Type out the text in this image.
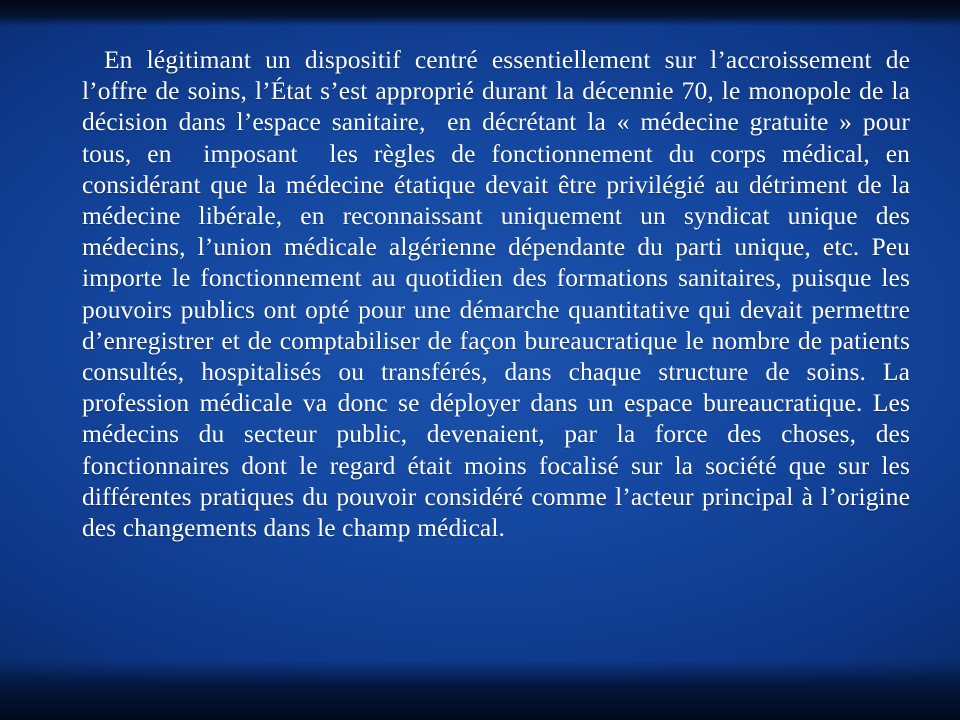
En légitimant un dispositif centré essentiellement sur l’accroissement de l’offre de soins, l’État s’est approprié durant la décennie 70, le monopole de la décision dans l’espace sanitaire,  en décrétant la « médecine gratuite » pour tous, en  imposant  les règles de fonctionnement du corps médical, en considérant que la médecine étatique devait être privilégié au détriment de la médecine libérale, en reconnaissant uniquement un syndicat unique des médecins, l’union médicale algérienne dépendante du parti unique, etc. Peu importe le fonctionnement au quotidien des formations sanitaires, puisque les pouvoirs publics ont opté pour une démarche quantitative qui devait permettre d’enregistrer et de comptabiliser de façon bureaucratique le nombre de patients consultés, hospitalisés ou transférés, dans chaque structure de soins. La profession médicale va donc se déployer dans un espace bureaucratique. Les médecins du secteur public, devenaient, par la force des choses, des fonctionnaires dont le regard était moins focalisé sur la société que sur les différentes pratiques du pouvoir considéré comme l’acteur principal à l’origine des changements dans le champ médical.
